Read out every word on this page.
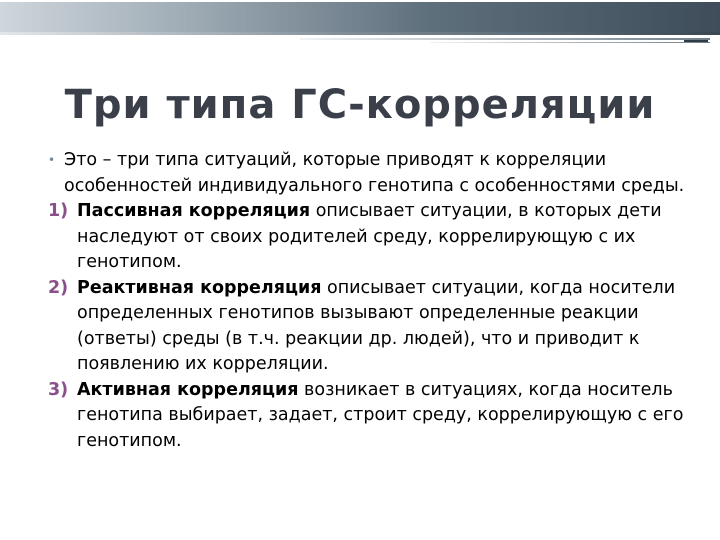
Три типа ГС-корреляции
• Это – три типа ситуаций, которые приводят к корреляции особенностей индивидуального генотипа с особенностями среды.
1) Пассивная корреляция описывает ситуации, в которых дети наследуют от своих родителей среду, коррелирующую с их генотипом.
2) Реактивная корреляция описывает ситуации, когда носители определенных генотипов вызывают определенные реакции (ответы) среды (в т.ч. реакции др. людей), что и приводит к появлению их корреляции.
3) Активная корреляция возникает в ситуациях, когда носитель генотипа выбирает, задает, строит среду, коррелирующую с его генотипом.
